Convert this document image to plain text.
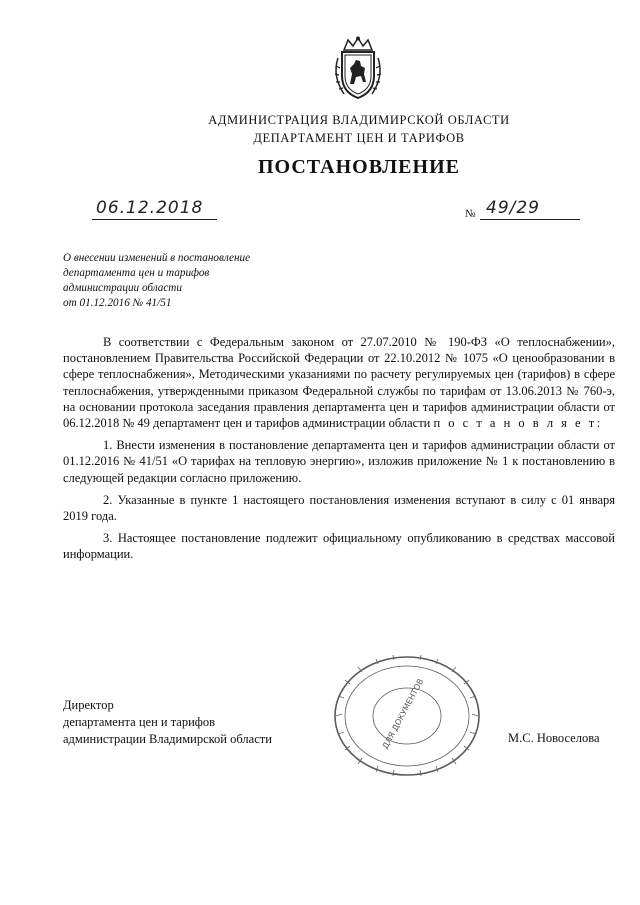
АДМИНИСТРАЦИЯ ВЛАДИМИРСКОЙ ОБЛАСТИ
ДЕПАРТАМЕНТ ЦЕН И ТАРИФОВ
ПОСТАНОВЛЕНИЕ
06.12.2018	№ 49/29
О внесении изменений в постановление
департамента цен и тарифов
администрации области
от 01.12.2016 № 41/51

В соответствии с Федеральным законом от 27.07.2010 № 190-ФЗ «О теплоснабжении», постановлением Правительства Российской Федерации от 22.10.2012 № 1075 «О ценообразовании в сфере теплоснабжения», Методическими указаниями по расчету регулируемых цен (тарифов) в сфере теплоснабжения, утвержденными приказом Федеральной службы по тарифам от 13.06.2013 № 760-э, на основании протокола заседания правления департамента цен и тарифов администрации области от 06.12.2018 № 49 департамент цен и тарифов администрации области п о с т а н о в л я е т:

1. Внести изменения в постановление департамента цен и тарифов администрации области от 01.12.2016 № 41/51 «О тарифах на тепловую энергию», изложив приложение № 1 к постановлению в следующей редакции согласно приложению.

2. Указанные в пункте 1 настоящего постановления изменения вступают в силу с 01 января 2019 года.

3. Настоящее постановление подлежит официальному опубликованию в средствах массовой информации.

ДЛЯ ДОКУМЕНТОВ
Директор
департамента цен и тарифов
администрации Владимирской области	М.С. Новоселова
